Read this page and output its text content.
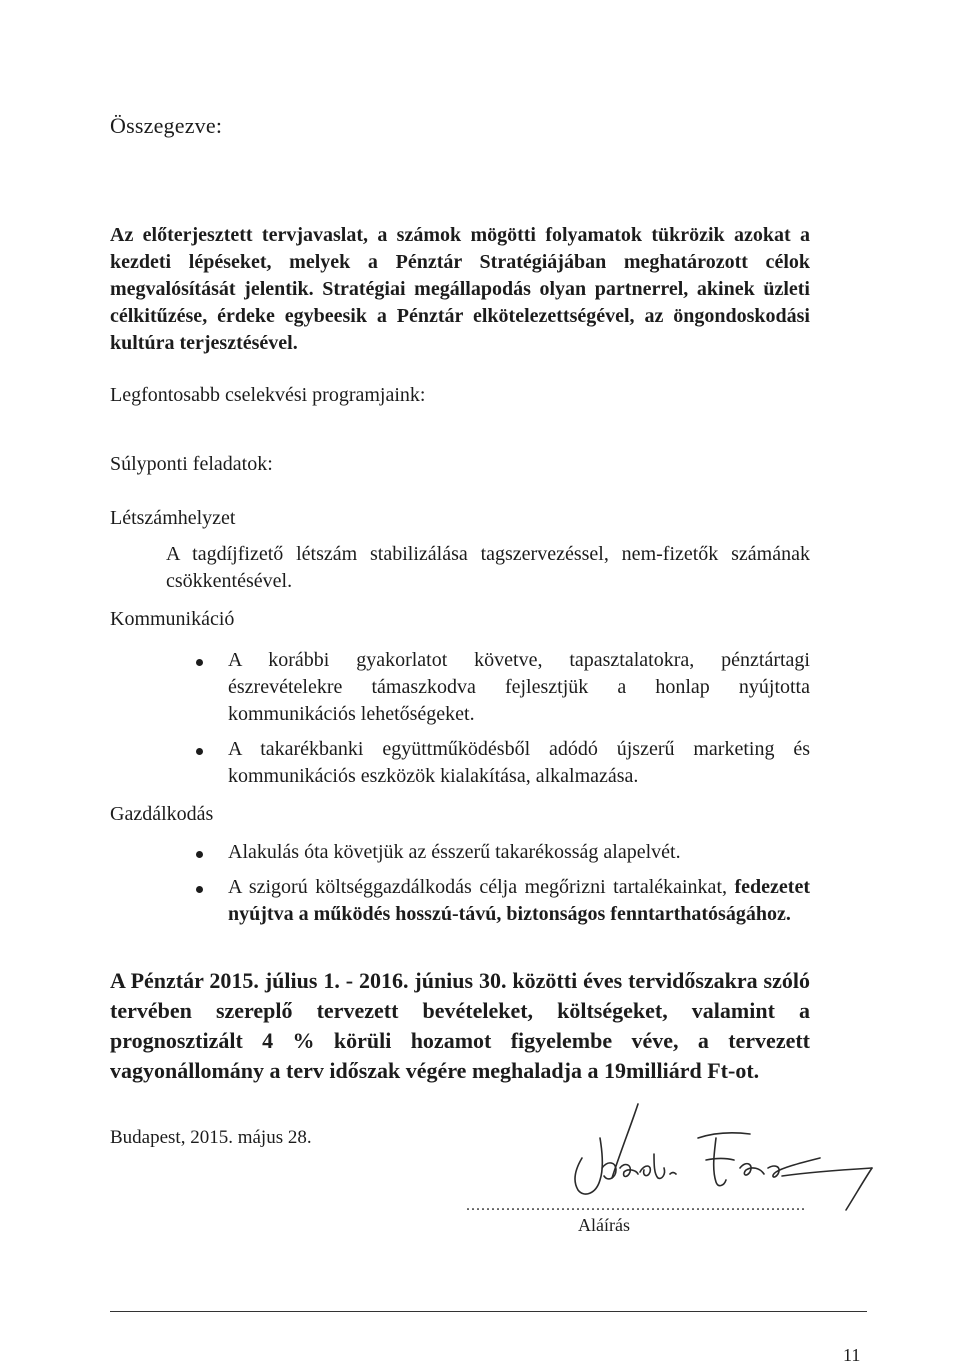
Összegezve:
Az előterjesztett tervjavaslat, a számok mögötti folyamatok tükrözik azokat a kezdeti lépéseket, melyek a Pénztár Stratégiájában meghatározott célok megvalósítását jelentik. Stratégiai megállapodás olyan partnerrel, akinek üzleti célkitűzése, érdeke egybeesik a Pénztár elkötelezettségével, az öngondoskodási kultúra terjesztésével.
Legfontosabb cselekvési programjaink:
Súlyponti feladatok:
Létszámhelyzet
A tagdíjfizető létszám stabilizálása tagszervezéssel, nem-fizetők számának csökkentésével.
Kommunikáció
A korábbi gyakorlatot követve, tapasztalatokra, pénztártagi észrevételekre támaszkodva fejlesztjük a honlap nyújtotta kommunikációs lehetőségeket.
A takarékbanki együttműködésből adódó újszerű marketing és kommunikációs eszközök kialakítása, alkalmazása.
Gazdálkodás
Alakulás óta követjük az ésszerű takarékosság alapelvét.
A szigorú költséggazdálkodás célja megőrizni tartalékainkat, fedezetet nyújtva a működés hosszú-távú, biztonságos fenntarthatóságához.
A Pénztár 2015. július 1. - 2016. június 30. közötti éves tervidőszakra szóló tervében szereplő tervezett bevételeket, költségeket, valamint a prognosztizált 4 % körüli hozamot figyelembe véve, a tervezett vagyonállomány a terv időszak végére meghaladja a 19milliárd Ft-ot.
Budapest, 2015. május 28.
....................................................................
Aláírás
11
